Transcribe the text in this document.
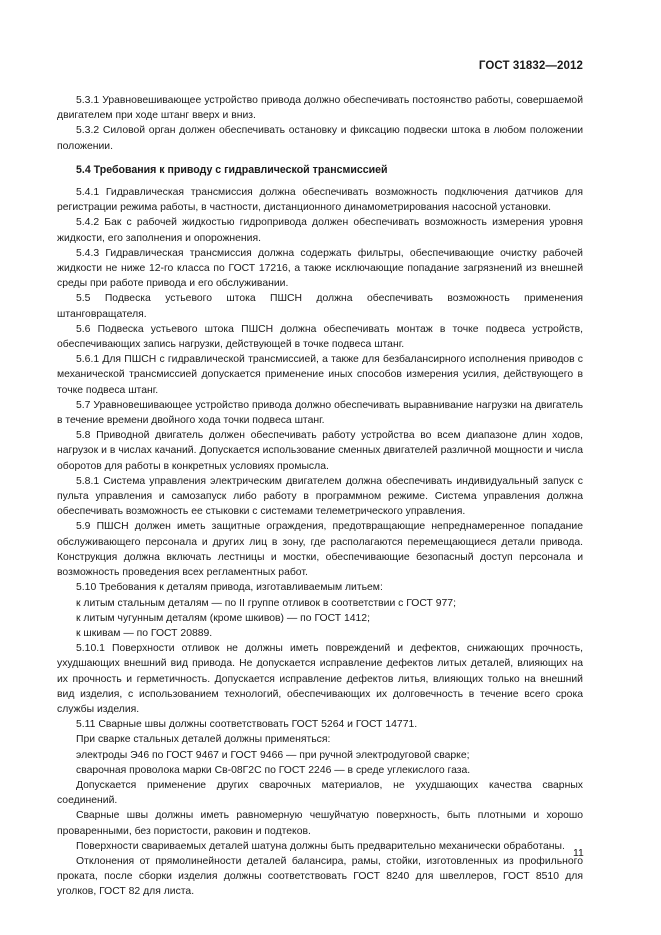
ГОСТ 31832—2012

5.3.1 Уравновешивающее устройство привода должно обеспечивать постоянство работы, совершаемой двигателем при ходе штанг вверх и вниз.

5.3.2 Силовой орган должен обеспечивать остановку и фиксацию подвески штока в любом положении положении.

5.4 Требования к приводу с гидравлической трансмиссией

5.4.1 Гидравлическая трансмиссия должна обеспечивать возможность подключения датчиков для регистрации режима работы, в частности, дистанционного динамометрирования насосной установки.

5.4.2 Бак с рабочей жидкостью гидропривода должен обеспечивать возможность измерения уровня жидкости, его заполнения и опорожнения.

5.4.3 Гидравлическая трансмиссия должна содержать фильтры, обеспечивающие очистку рабочей жидкости не ниже 12-го класса по ГОСТ 17216, а также исключающие попадание загрязнений из внешней среды при работе привода и его обслуживании.

5.5 Подвеска устьевого штока ПШСН должна обеспечивать возможность применения штанговращателя.

5.6 Подвеска устьевого штока ПШСН должна обеспечивать монтаж в точке подвеса устройств, обеспечивающих запись нагрузки, действующей в точке подвеса штанг.

5.6.1 Для ПШСН с гидравлической трансмиссией, а также для безбалансирного исполнения приводов с механической трансмиссией допускается применение иных способов измерения усилия, действующего в точке подвеса штанг.

5.7 Уравновешивающее устройство привода должно обеспечивать выравнивание нагрузки на двигатель в течение времени двойного хода точки подвеса штанг.

5.8 Приводной двигатель должен обеспечивать работу устройства во всем диапазоне длин ходов, нагрузок и в числах качаний. Допускается использование сменных двигателей различной мощности и числа оборотов для работы в конкретных условиях промысла.

5.8.1 Система управления электрическим двигателем должна обеспечивать индивидуальный запуск с пульта управления и самозапуск либо работу в программном режиме. Система управления должна обеспечивать возможность ее стыковки с системами телеметрического управления.

5.9 ПШСН должен иметь защитные ограждения, предотвращающие непреднамеренное попадание обслуживающего персонала и других лиц в зону, где располагаются перемещающиеся детали привода. Конструкция должна включать лестницы и мостки, обеспечивающие безопасный доступ персонала и возможность проведения всех регламентных работ.

5.10 Требования к деталям привода, изготавливаемым литьем:

к литым стальным деталям — по II группе отливок в соответствии с ГОСТ 977;

к литым чугунным деталям (кроме шкивов) — по ГОСТ 1412;

к шкивам — по ГОСТ 20889.

5.10.1 Поверхности отливок не должны иметь повреждений и дефектов, снижающих прочность, ухудшающих внешний вид привода. Не допускается исправление дефектов литых деталей, влияющих на их прочность и герметичность. Допускается исправление дефектов литья, влияющих только на внешний вид изделия, с использованием технологий, обеспечивающих их долговечность в течение всего срока службы изделия.

5.11 Сварные швы должны соответствовать ГОСТ 5264 и ГОСТ 14771.

При сварке стальных деталей должны применяться:

электроды Э46 по ГОСТ 9467 и ГОСТ 9466 — при ручной электродуговой сварке;

сварочная проволока марки Св-08Г2С по ГОСТ 2246 — в среде углекислого газа.

Допускается применение других сварочных материалов, не ухудшающих качества сварных соединений.

Сварные швы должны иметь равномерную чешуйчатую поверхность, быть плотными и хорошо проваренными, без пористости, раковин и подтеков.

Поверхности свариваемых деталей шатуна должны быть предварительно механически обработаны.

Отклонения от прямолинейности деталей балансира, рамы, стойки, изготовленных из профильного проката, после сборки изделия должны соответствовать ГОСТ 8240 для швеллеров, ГОСТ 8510 для уголков, ГОСТ 82 для листа.

11
